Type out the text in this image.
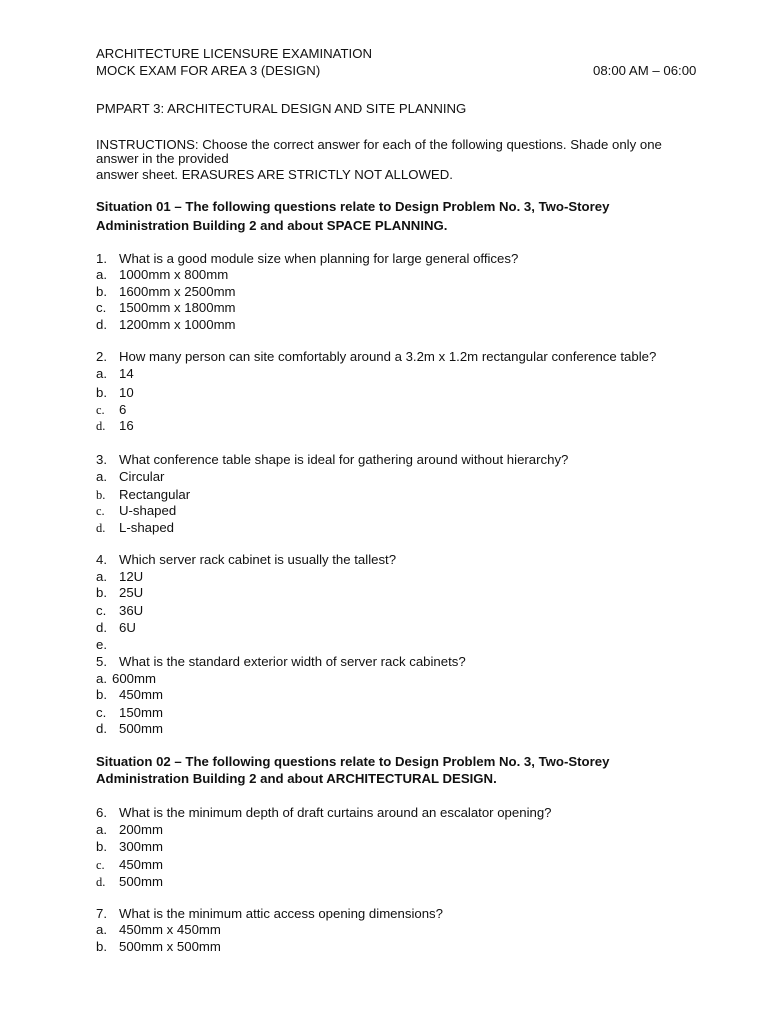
ARCHITECTURE LICENSURE EXAMINATION
MOCK EXAM FOR AREA 3 (DESIGN)	08:00 AM – 06:00
PMPART 3: ARCHITECTURAL DESIGN AND SITE PLANNING
INSTRUCTIONS: Choose the correct answer for each of the following questions. Shade only one
answer in the provided
answer sheet. ERASURES ARE STRICTLY NOT ALLOWED.
Situation 01 – The following questions relate to Design Problem No. 3, Two-Storey
Administration Building 2 and about SPACE PLANNING.
1. What is a good module size when planning for large general offices?
a. 1000mm x 800mm
b. 1600mm x 2500mm
c. 1500mm x 1800mm
d. 1200mm x 1000mm
2. How many person can site comfortably around a 3.2m x 1.2m rectangular conference table?
a. 14
b. 10
c. 6
d. 16
3. What conference table shape is ideal for gathering around without hierarchy?
a. Circular
b. Rectangular
c. U-shaped
d. L-shaped
4. Which server rack cabinet is usually the tallest?
a. 12U
b. 25U
c. 36U
d. 6U
e.
5. What is the standard exterior width of server rack cabinets?
a. 600mm
b. 450mm
c. 150mm
d. 500mm
Situation 02 – The following questions relate to Design Problem No. 3, Two-Storey
Administration Building 2 and about ARCHITECTURAL DESIGN.
6. What is the minimum depth of draft curtains around an escalator opening?
a. 200mm
b. 300mm
c. 450mm
d. 500mm
7. What is the minimum attic access opening dimensions?
a. 450mm x 450mm
b. 500mm x 500mm
